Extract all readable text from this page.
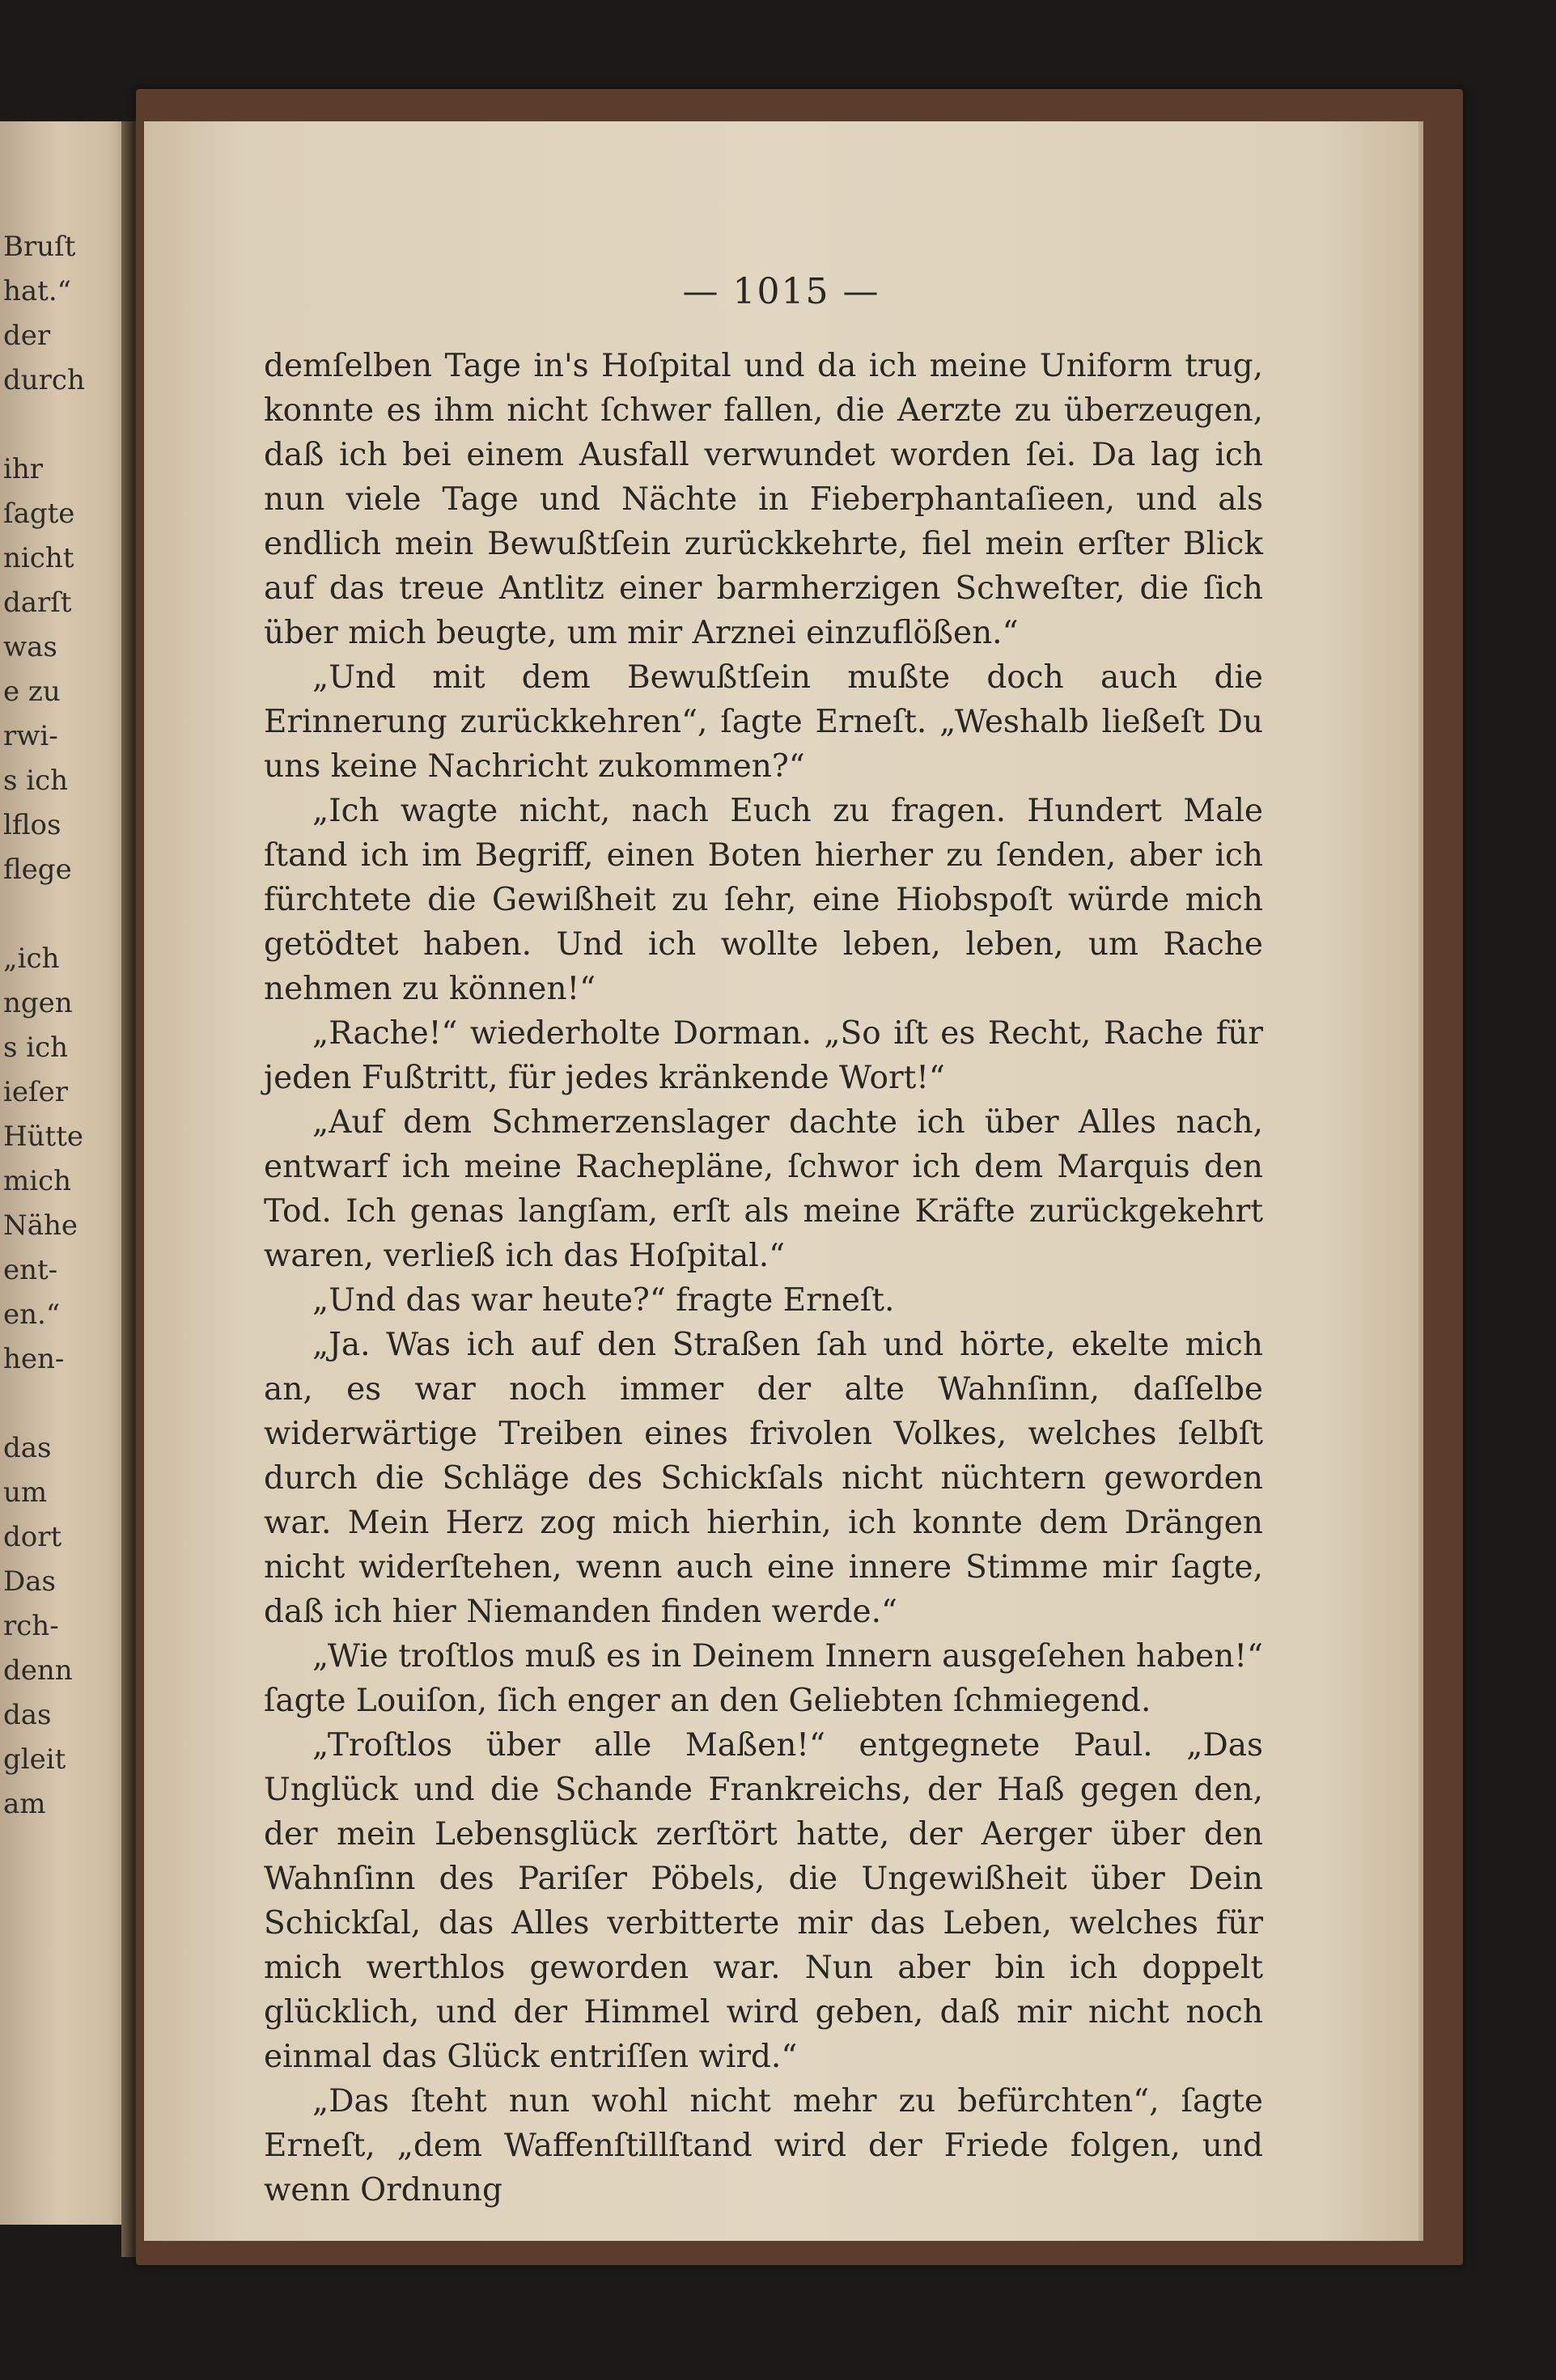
Bruſt
hat.“
der
durch
ihr
ſagte
nicht
darſt
was
e zu
rwi-
s ich
lflos
flege
„ich
ngen
s ich
ieſer
Hütte
mich
Nähe
ent-
en.“
hen-
das
um
dort
Das
rch-
denn
das
gleit
am
— 1015 —

demſelben Tage in's Hoſpital und da ich meine Uniform trug, konnte es ihm nicht ſchwer fallen, die Aerzte zu überzeugen, daß ich bei einem Ausfall verwundet worden ſei. Da lag ich nun viele Tage und Nächte in Fieberphantaſieen, und als endlich mein Bewußtſein zurückkehrte, fiel mein erſter Blick auf das treue Antlitz einer barmherzigen Schweſter, die ſich über mich beugte, um mir Arznei einzuflößen.“

„Und mit dem Bewußtſein mußte doch auch die Erinnerung zurückkehren“, ſagte Erneſt. „Weshalb ließeſt Du uns keine Nachricht zukommen?“

„Ich wagte nicht, nach Euch zu fragen. Hundert Male ſtand ich im Begriff, einen Boten hierher zu ſenden, aber ich fürchtete die Gewißheit zu ſehr, eine Hiobspoſt würde mich getödtet haben. Und ich wollte leben, leben, um Rache nehmen zu können!“

„Rache!“ wiederholte Dorman. „So iſt es Recht, Rache für jeden Fußtritt, für jedes kränkende Wort!“

„Auf dem Schmerzenslager dachte ich über Alles nach, entwarf ich meine Rachepläne, ſchwor ich dem Marquis den Tod. Ich genas langſam, erſt als meine Kräfte zurückgekehrt waren, verließ ich das Hoſpital.“

„Und das war heute?“ fragte Erneſt.

„Ja. Was ich auf den Straßen ſah und hörte, ekelte mich an, es war noch immer der alte Wahnſinn, daſſelbe widerwärtige Treiben eines frivolen Volkes, welches ſelbſt durch die Schläge des Schickſals nicht nüchtern geworden war. Mein Herz zog mich hierhin, ich konnte dem Drängen nicht widerſtehen, wenn auch eine innere Stimme mir ſagte, daß ich hier Niemanden finden werde.“

„Wie troſtlos muß es in Deinem Innern ausgeſehen haben!“ ſagte Louiſon, ſich enger an den Geliebten ſchmiegend.

„Troſtlos über alle Maßen!“ entgegnete Paul. „Das Unglück und die Schande Frankreichs, der Haß gegen den, der mein Lebensglück zerſtört hatte, der Aerger über den Wahnſinn des Pariſer Pöbels, die Ungewißheit über Dein Schickſal, das Alles verbitterte mir das Leben, welches für mich werthlos geworden war. Nun aber bin ich doppelt glücklich, und der Himmel wird geben, daß mir nicht noch einmal das Glück entriſſen wird.“

„Das ſteht nun wohl nicht mehr zu befürchten“, ſagte Erneſt, „dem Waffenſtillſtand wird der Friede folgen, und wenn Ordnung
